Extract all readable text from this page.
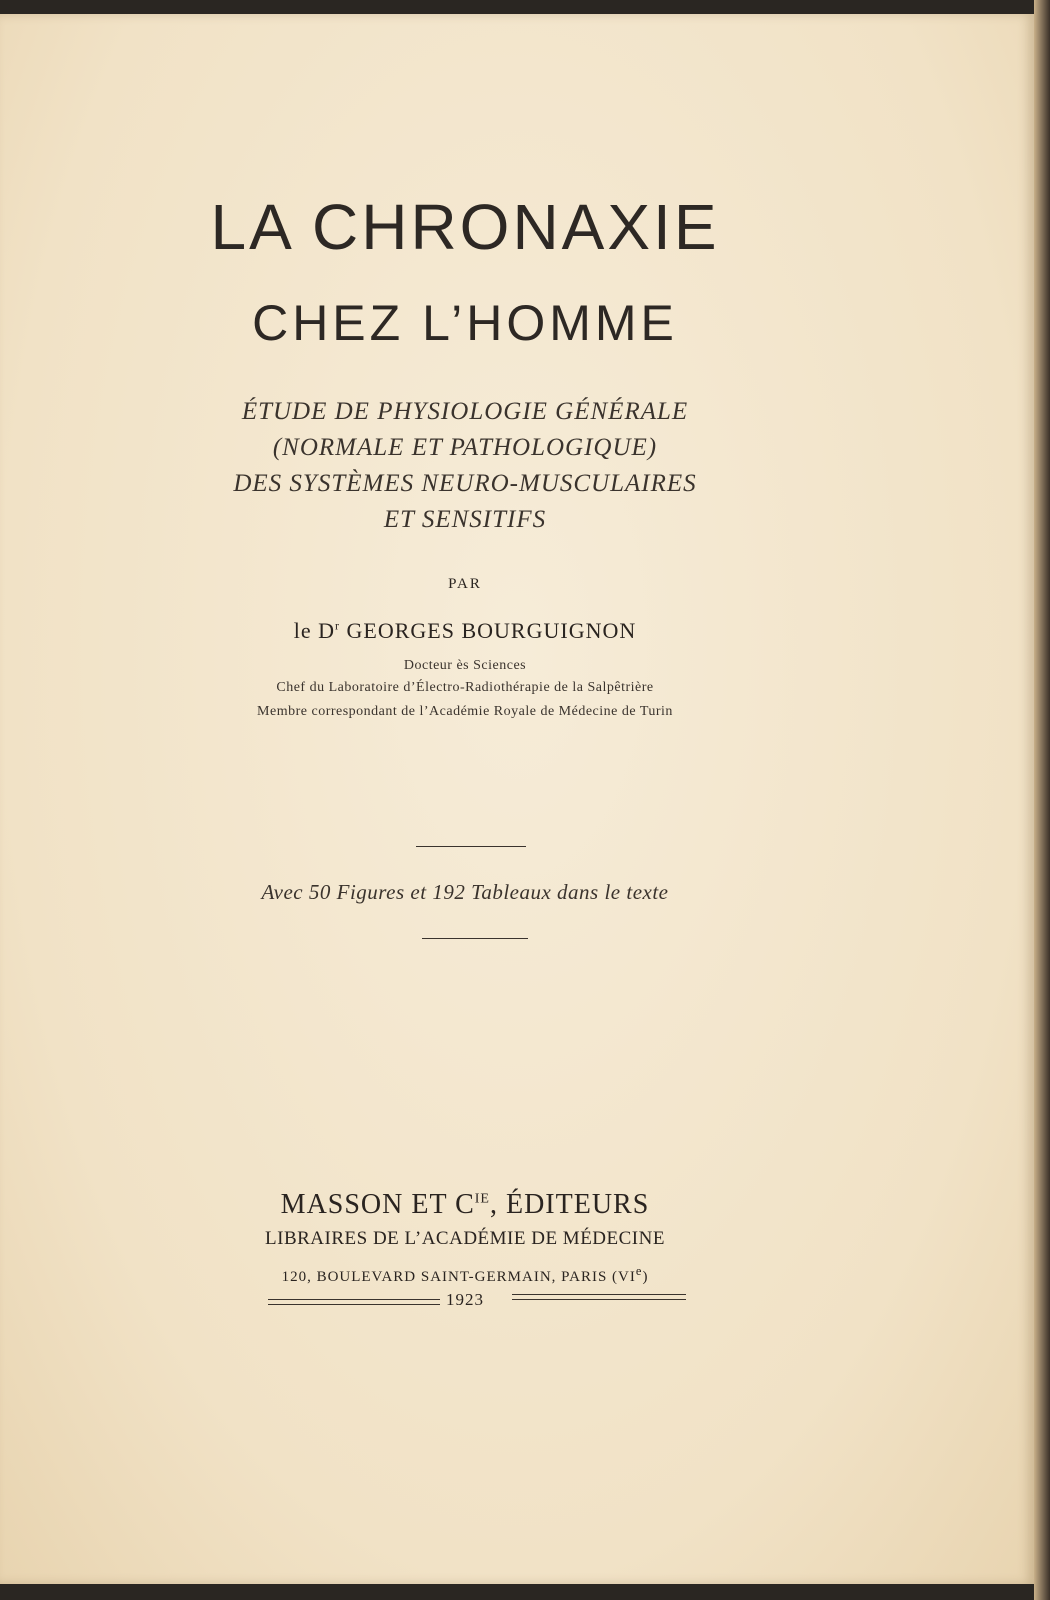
LA CHRONAXIE
CHEZ L’HOMME
ÉTUDE DE PHYSIOLOGIE GÉNÉRALE
(NORMALE ET PATHOLOGIQUE)
DES SYSTÈMES NEURO-MUSCULAIRES
ET SENSITIFS
PAR
le $D^r$ GEORGES BOURGUIGNON
Docteur ès Sciences
Chef du Laboratoire d’Électro-Radiothérapie de la Salpêtrière
Membre correspondant de l’Académie Royale de Médecine de Turin
Avec 50 Figures et 192 Tableaux dans le texte
MASSON ET $C^{IE}$, ÉDITEURS
LIBRAIRES DE L’ACADÉMIE DE MÉDECINE
120, BOULEVARD SAINT-GERMAIN, PARIS (VIe)
1923
